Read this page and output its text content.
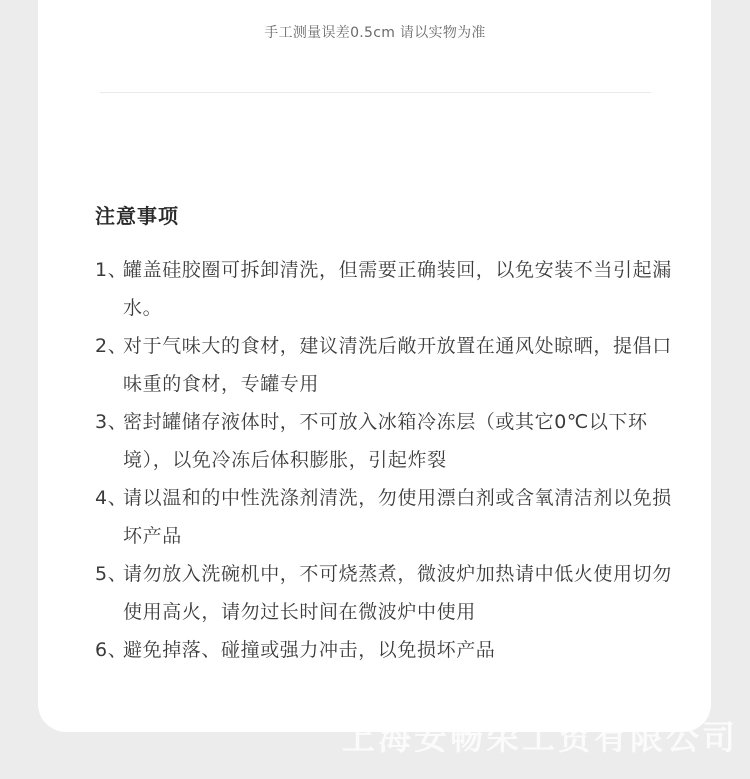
手工测量误差0.5cm 请以实物为准
注意事项
1、
罐盖硅胶圈可拆卸清洗，但需要正确装回，以免安装不当引起漏水。
2、
对于气味大的食材，建议清洗后敞开放置在通风处晾晒，提倡口味重的食材，专罐专用
3、
密封罐储存液体时，不可放入冰箱冷冻层（或其它0℃以下环境），以免冷冻后体积膨胀，引起炸裂
4、
请以温和的中性洗涤剂清洗，勿使用漂白剂或含氧清洁剂以免损坏产品
5、
请勿放入洗碗机中，不可烧蒸煮，微波炉加热请中低火使用切勿使用高火，请勿过长时间在微波炉中使用
6、
避免掉落、碰撞或强力冲击，以免损坏产品
上海安畅荣工贸有限公司
